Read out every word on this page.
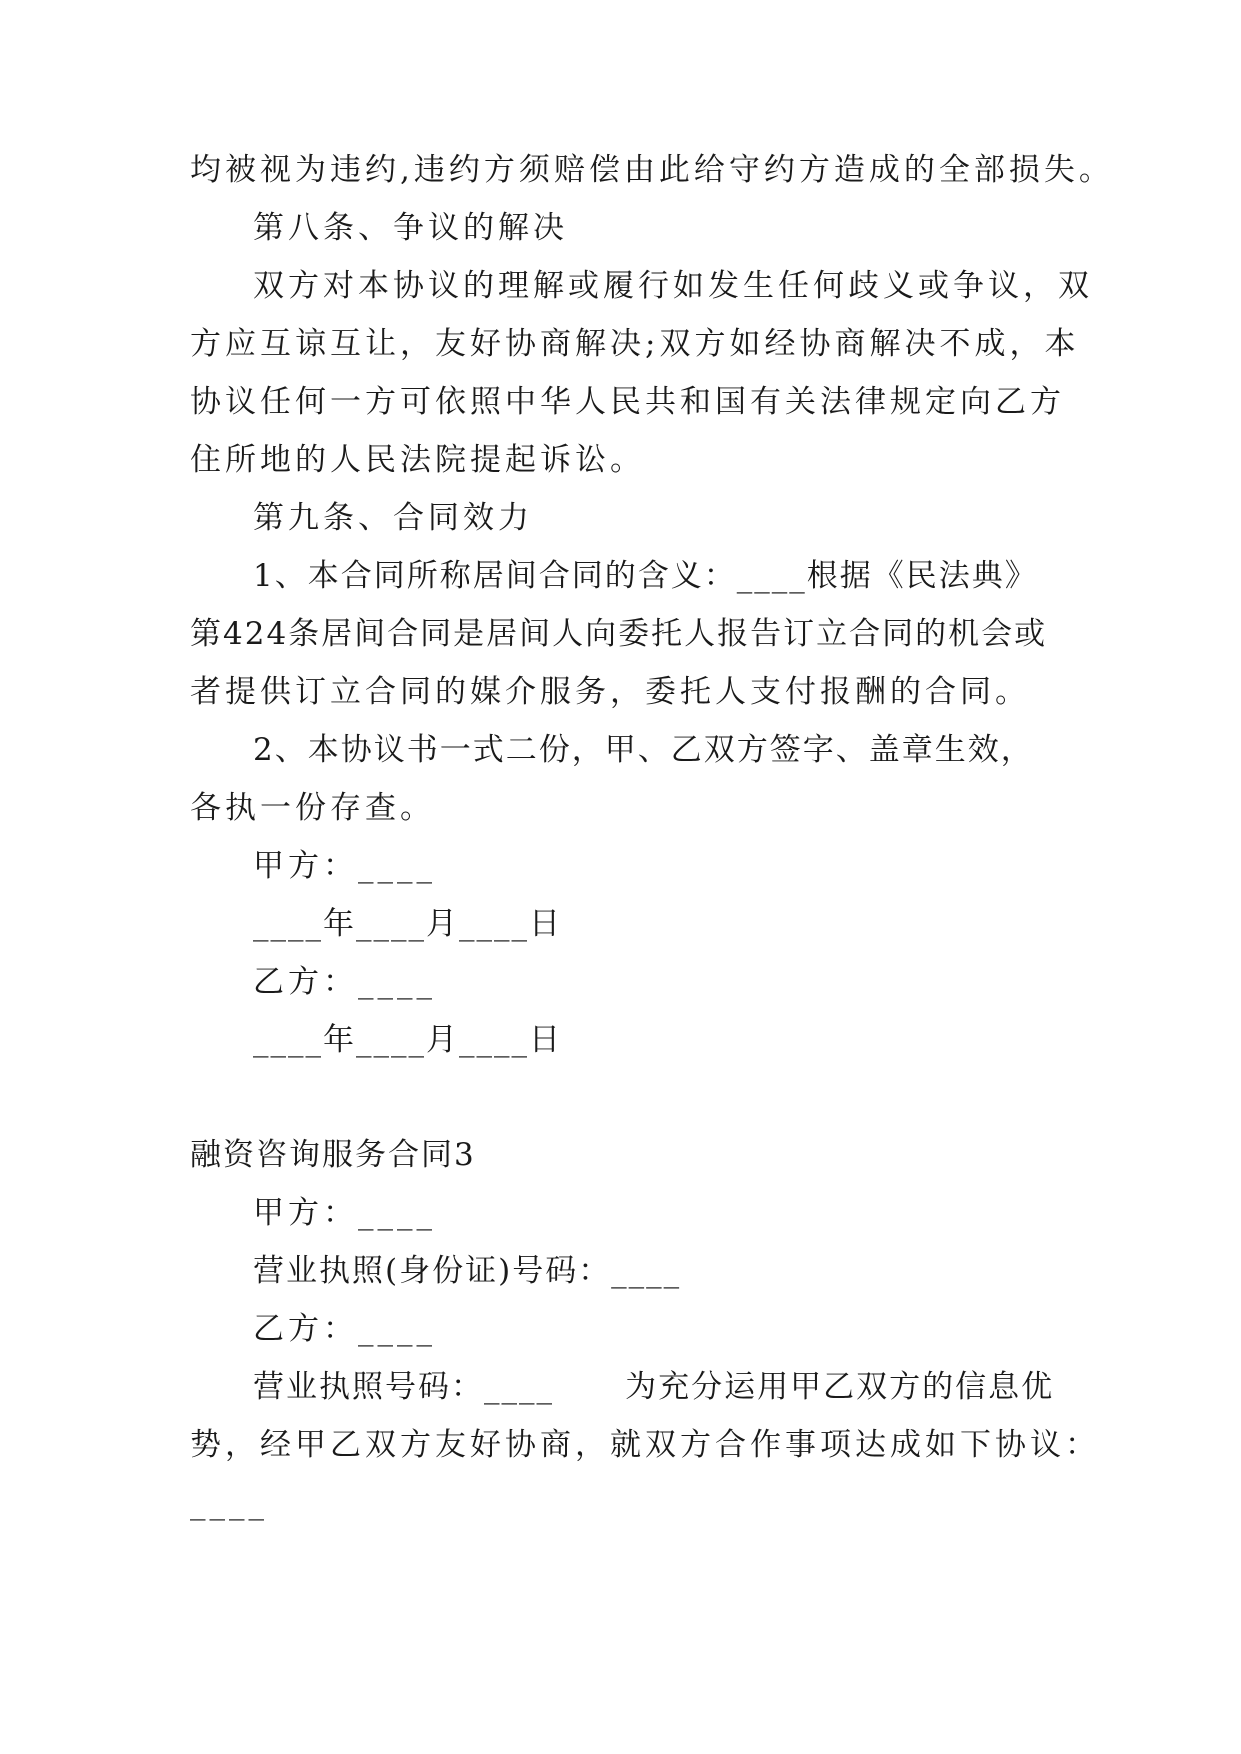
均被视为违约,违约方须赔偿由此给守约方造成的全部损失。
第八条、争议的解决
双方对本协议的理解或履行如发生任何歧义或争议，双
方应互谅互让，友好协商解决;双方如经协商解决不成，本
协议任何一方可依照中华人民共和国有关法律规定向乙方
住所地的人民法院提起诉讼。
第九条、合同效力
1、本合同所称居间合同的含义：____根据《民法典》
第424条居间合同是居间人向委托人报告订立合同的机会或
者提供订立合同的媒介服务，委托人支付报酬的合同。
2、本协议书一式二份，甲、乙双方签字、盖章生效，
各执一份存查。
甲方：____
____年____月____日
乙方：____
____年____月____日
融资咨询服务合同3
甲方：____
营业执照(身份证)号码：____
乙方：____
营业执照号码：____      为充分运用甲乙双方的信息优
势，经甲乙双方友好协商，就双方合作事项达成如下协议：
____
